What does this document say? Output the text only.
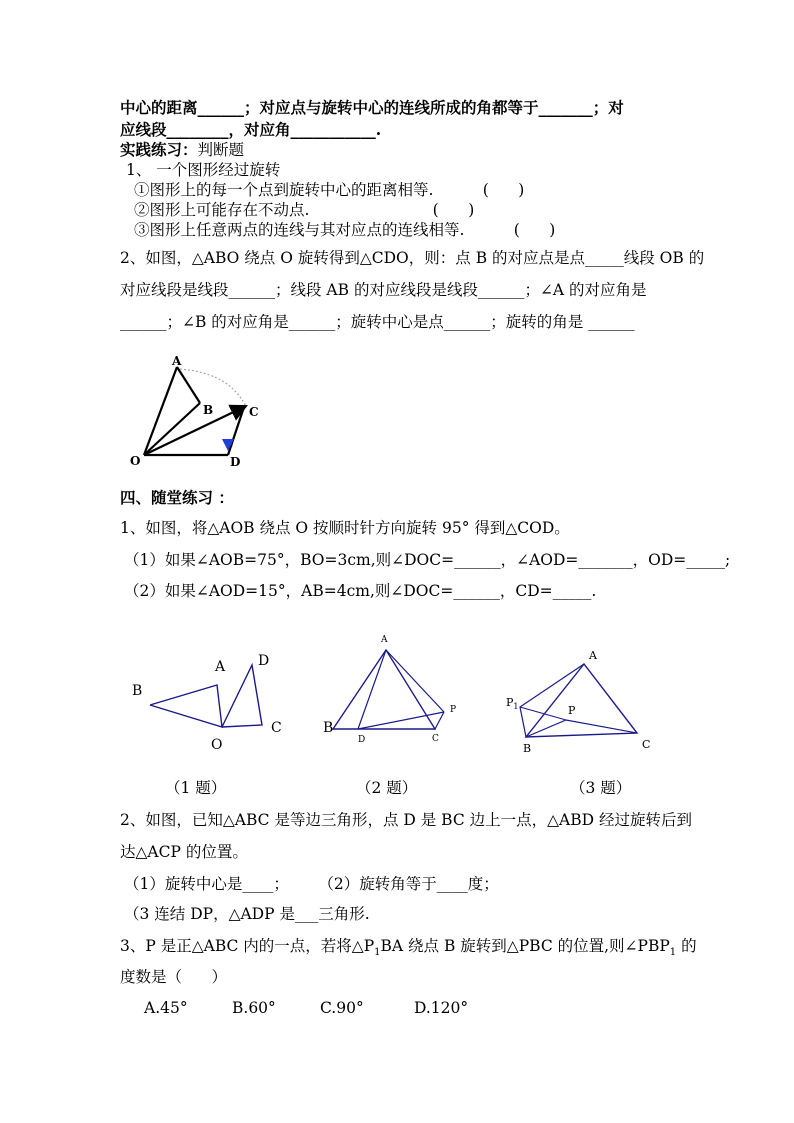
中心的距离______；对应点与旋转中心的连线所成的角都等于_______；对
应线段________，对应角___________.
实践练习：判断题
1、 一个图形经过旋转
①图形上的每一个点到旋转中心的距离相等.          (      )
②图形上可能存在不动点.                         (      )
③图形上任意两点的连线与其对应点的连线相等.          (      )
2、如图，△ABO 绕点 O 旋转得到△CDO，则：点 B 的对应点是点_____线段 OB 的
对应线段是线段______；线段 AB 的对应线段是线段______；∠A 的对应角是
______；∠B 的对应角是______；旋转中心是点______；旋转的角是 ______
A
B	C
D
O
四、随堂练习 ：
1、如图，将△AOB 绕点 O 按顺时针方向旋转 95° 得到△COD。
（1）如果∠AOB=75°，BO=3cm,则∠DOC=______，∠AOD=_______，OD=_____;
（2）如果∠AOD=15°，AB=4cm,则∠DOC=______，CD=_____.
B
A D
C
O
（1 题）
A
B
D	C
P
（2 题）
A
B	C
P
$P_1$
（3 题）
2、如图，已知△ABC 是等边三角形，点 D 是 BC 边上一点，△ABD 经过旋转后到
达△ACP 的位置。
（1）旋转中心是____；      （2）旋转角等于____度；
（3 连结 DP，△ADP 是___三角形.
3、P 是正△ABC 内的一点，若将$\triangle P_1BA$ 绕点 B 旋转到△PBC 的位置,则$\angle PBP_1$ 的
度数是（      ）
A.45°	B.60°	C.90°	D.120°
